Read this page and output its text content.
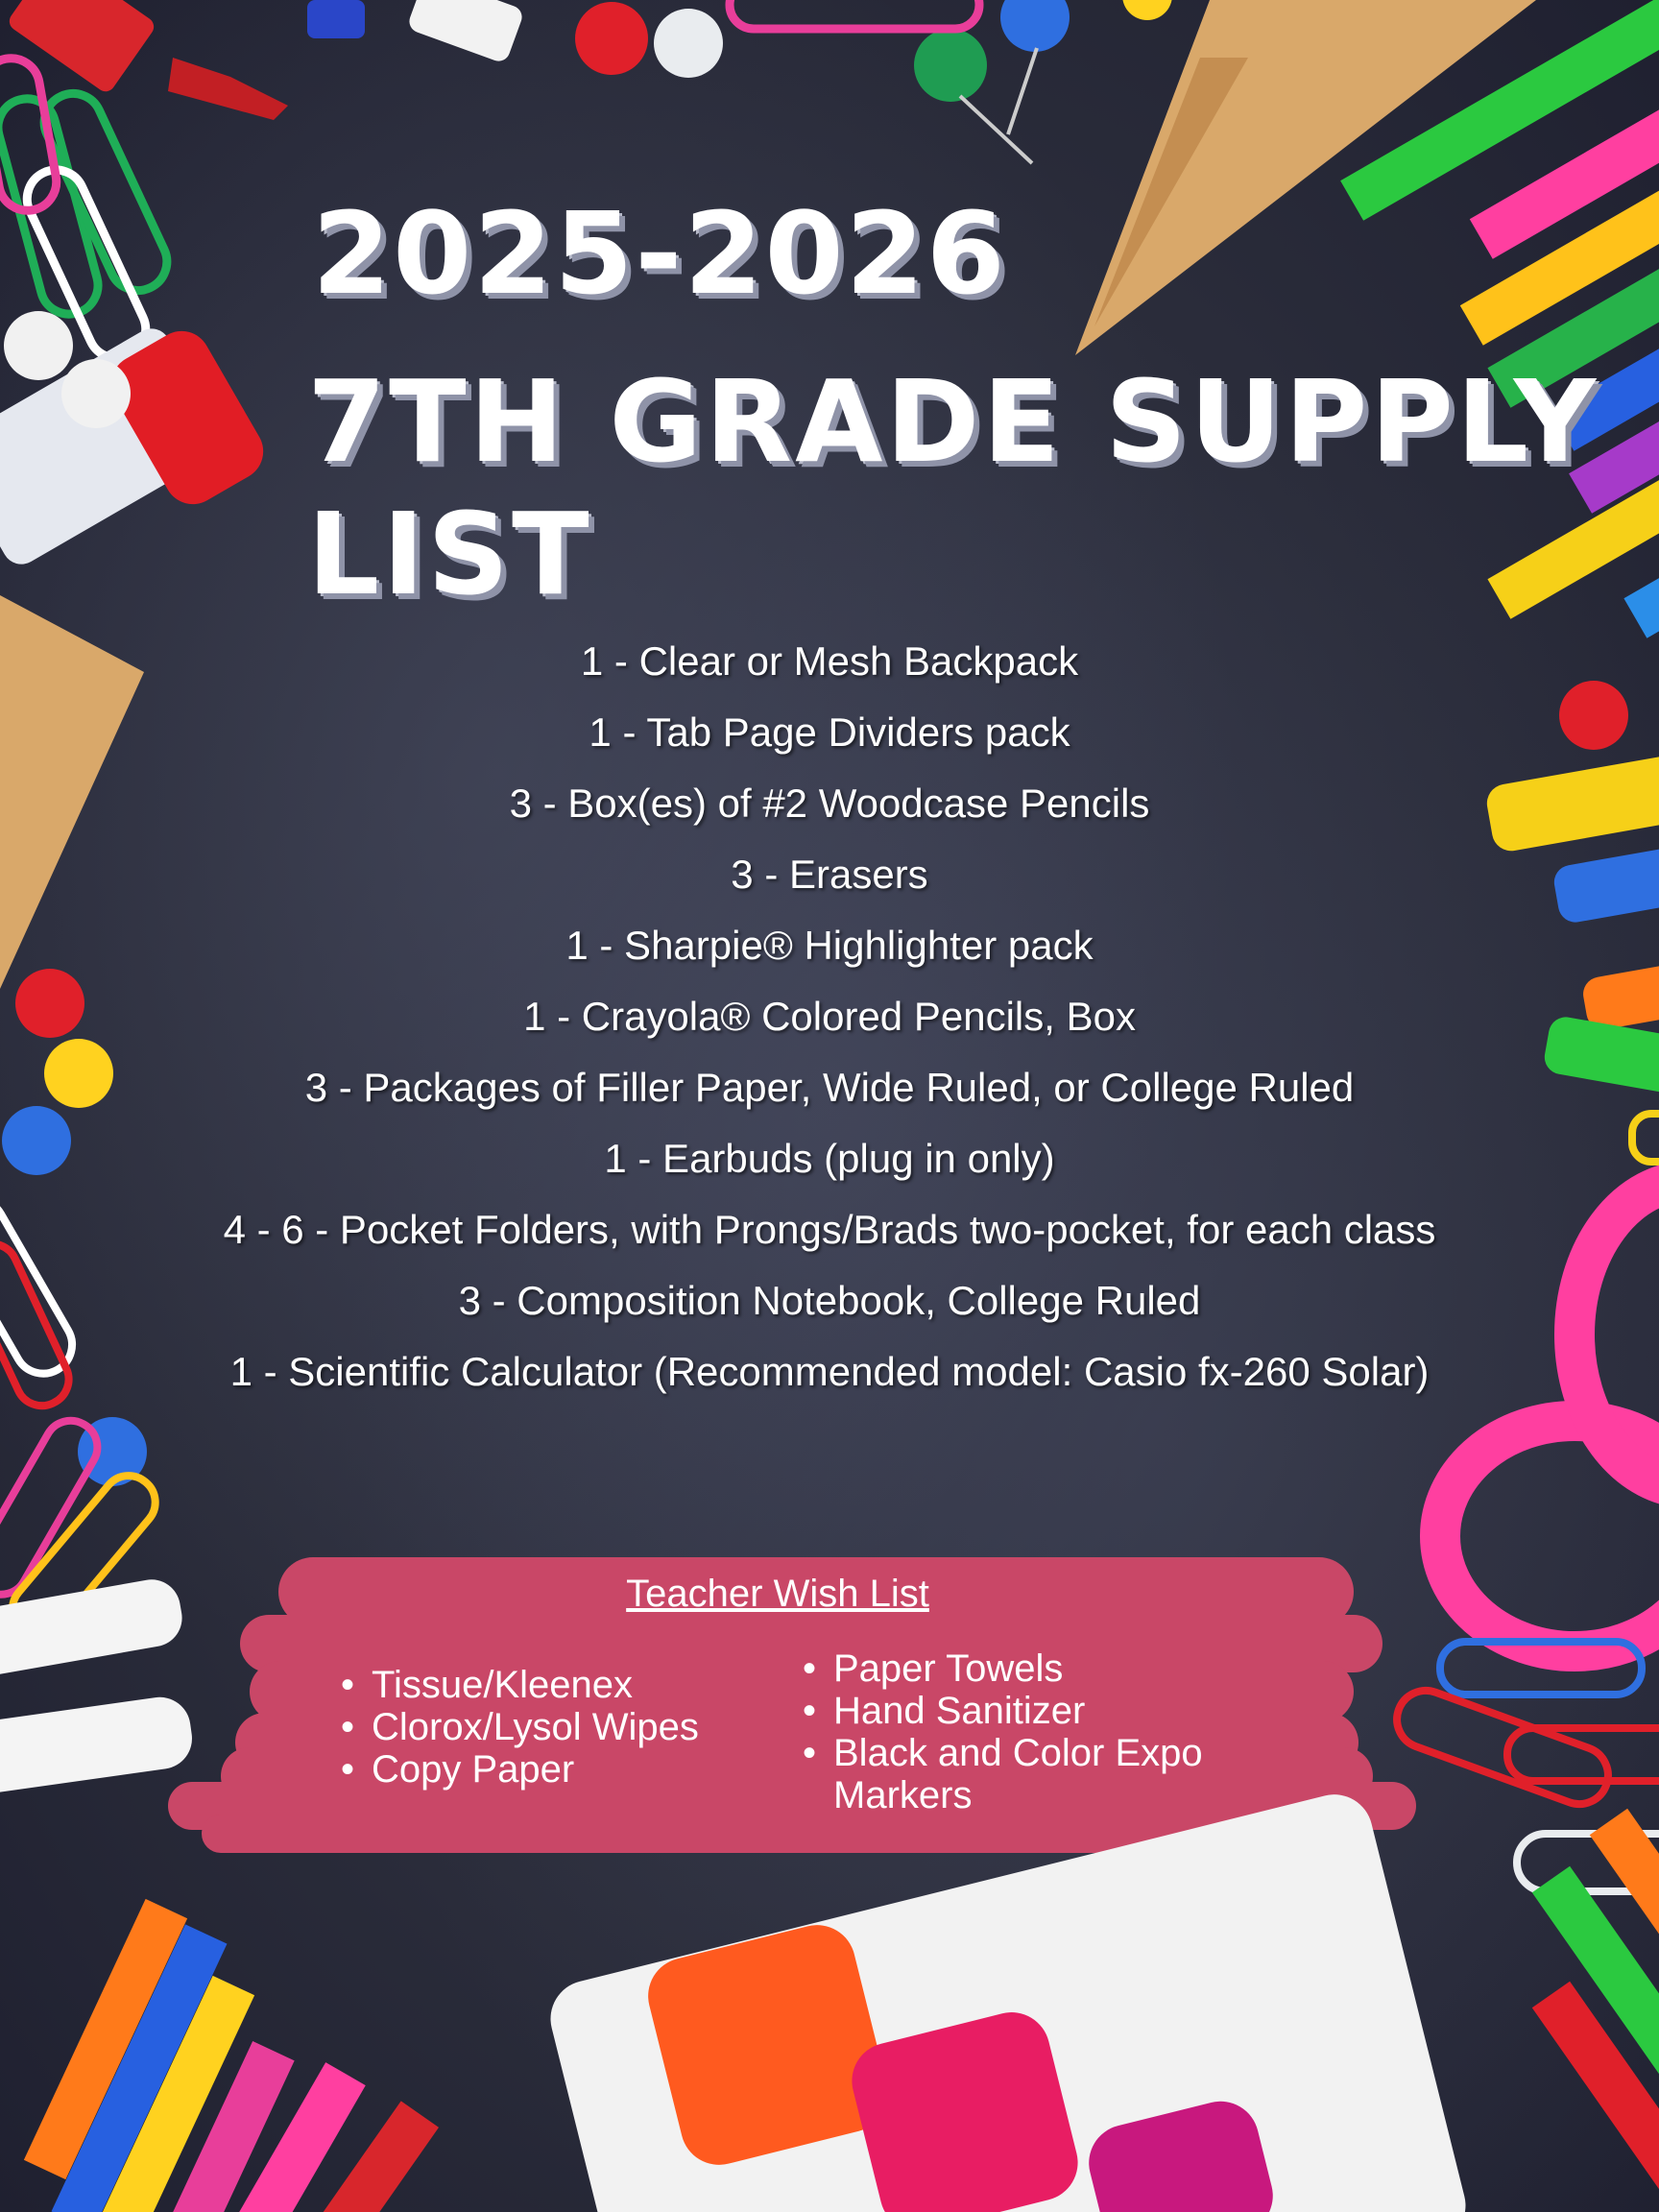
2025-2026
7TH GRADE SUPPLY LIST
1 - Clear or Mesh Backpack
1 - Tab Page Dividers pack
3 - Box(es) of #2 Woodcase Pencils
3 - Erasers
1 - Sharpie® Highlighter pack
1 - Crayola® Colored Pencils, Box
3 - Packages of Filler Paper, Wide Ruled, or College Ruled
1 - Earbuds (plug in only)
4 - 6 - Pocket Folders, with Prongs/Brads two-pocket, for each class
3 - Composition Notebook, College Ruled
1 - Scientific Calculator (Recommended model: Casio fx-260 Solar)
Teacher Wish List
• Tissue/Kleenex
• Clorox/Lysol Wipes
• Copy Paper
• Paper Towels
• Hand Sanitizer
• Black and Color Expo Markers
